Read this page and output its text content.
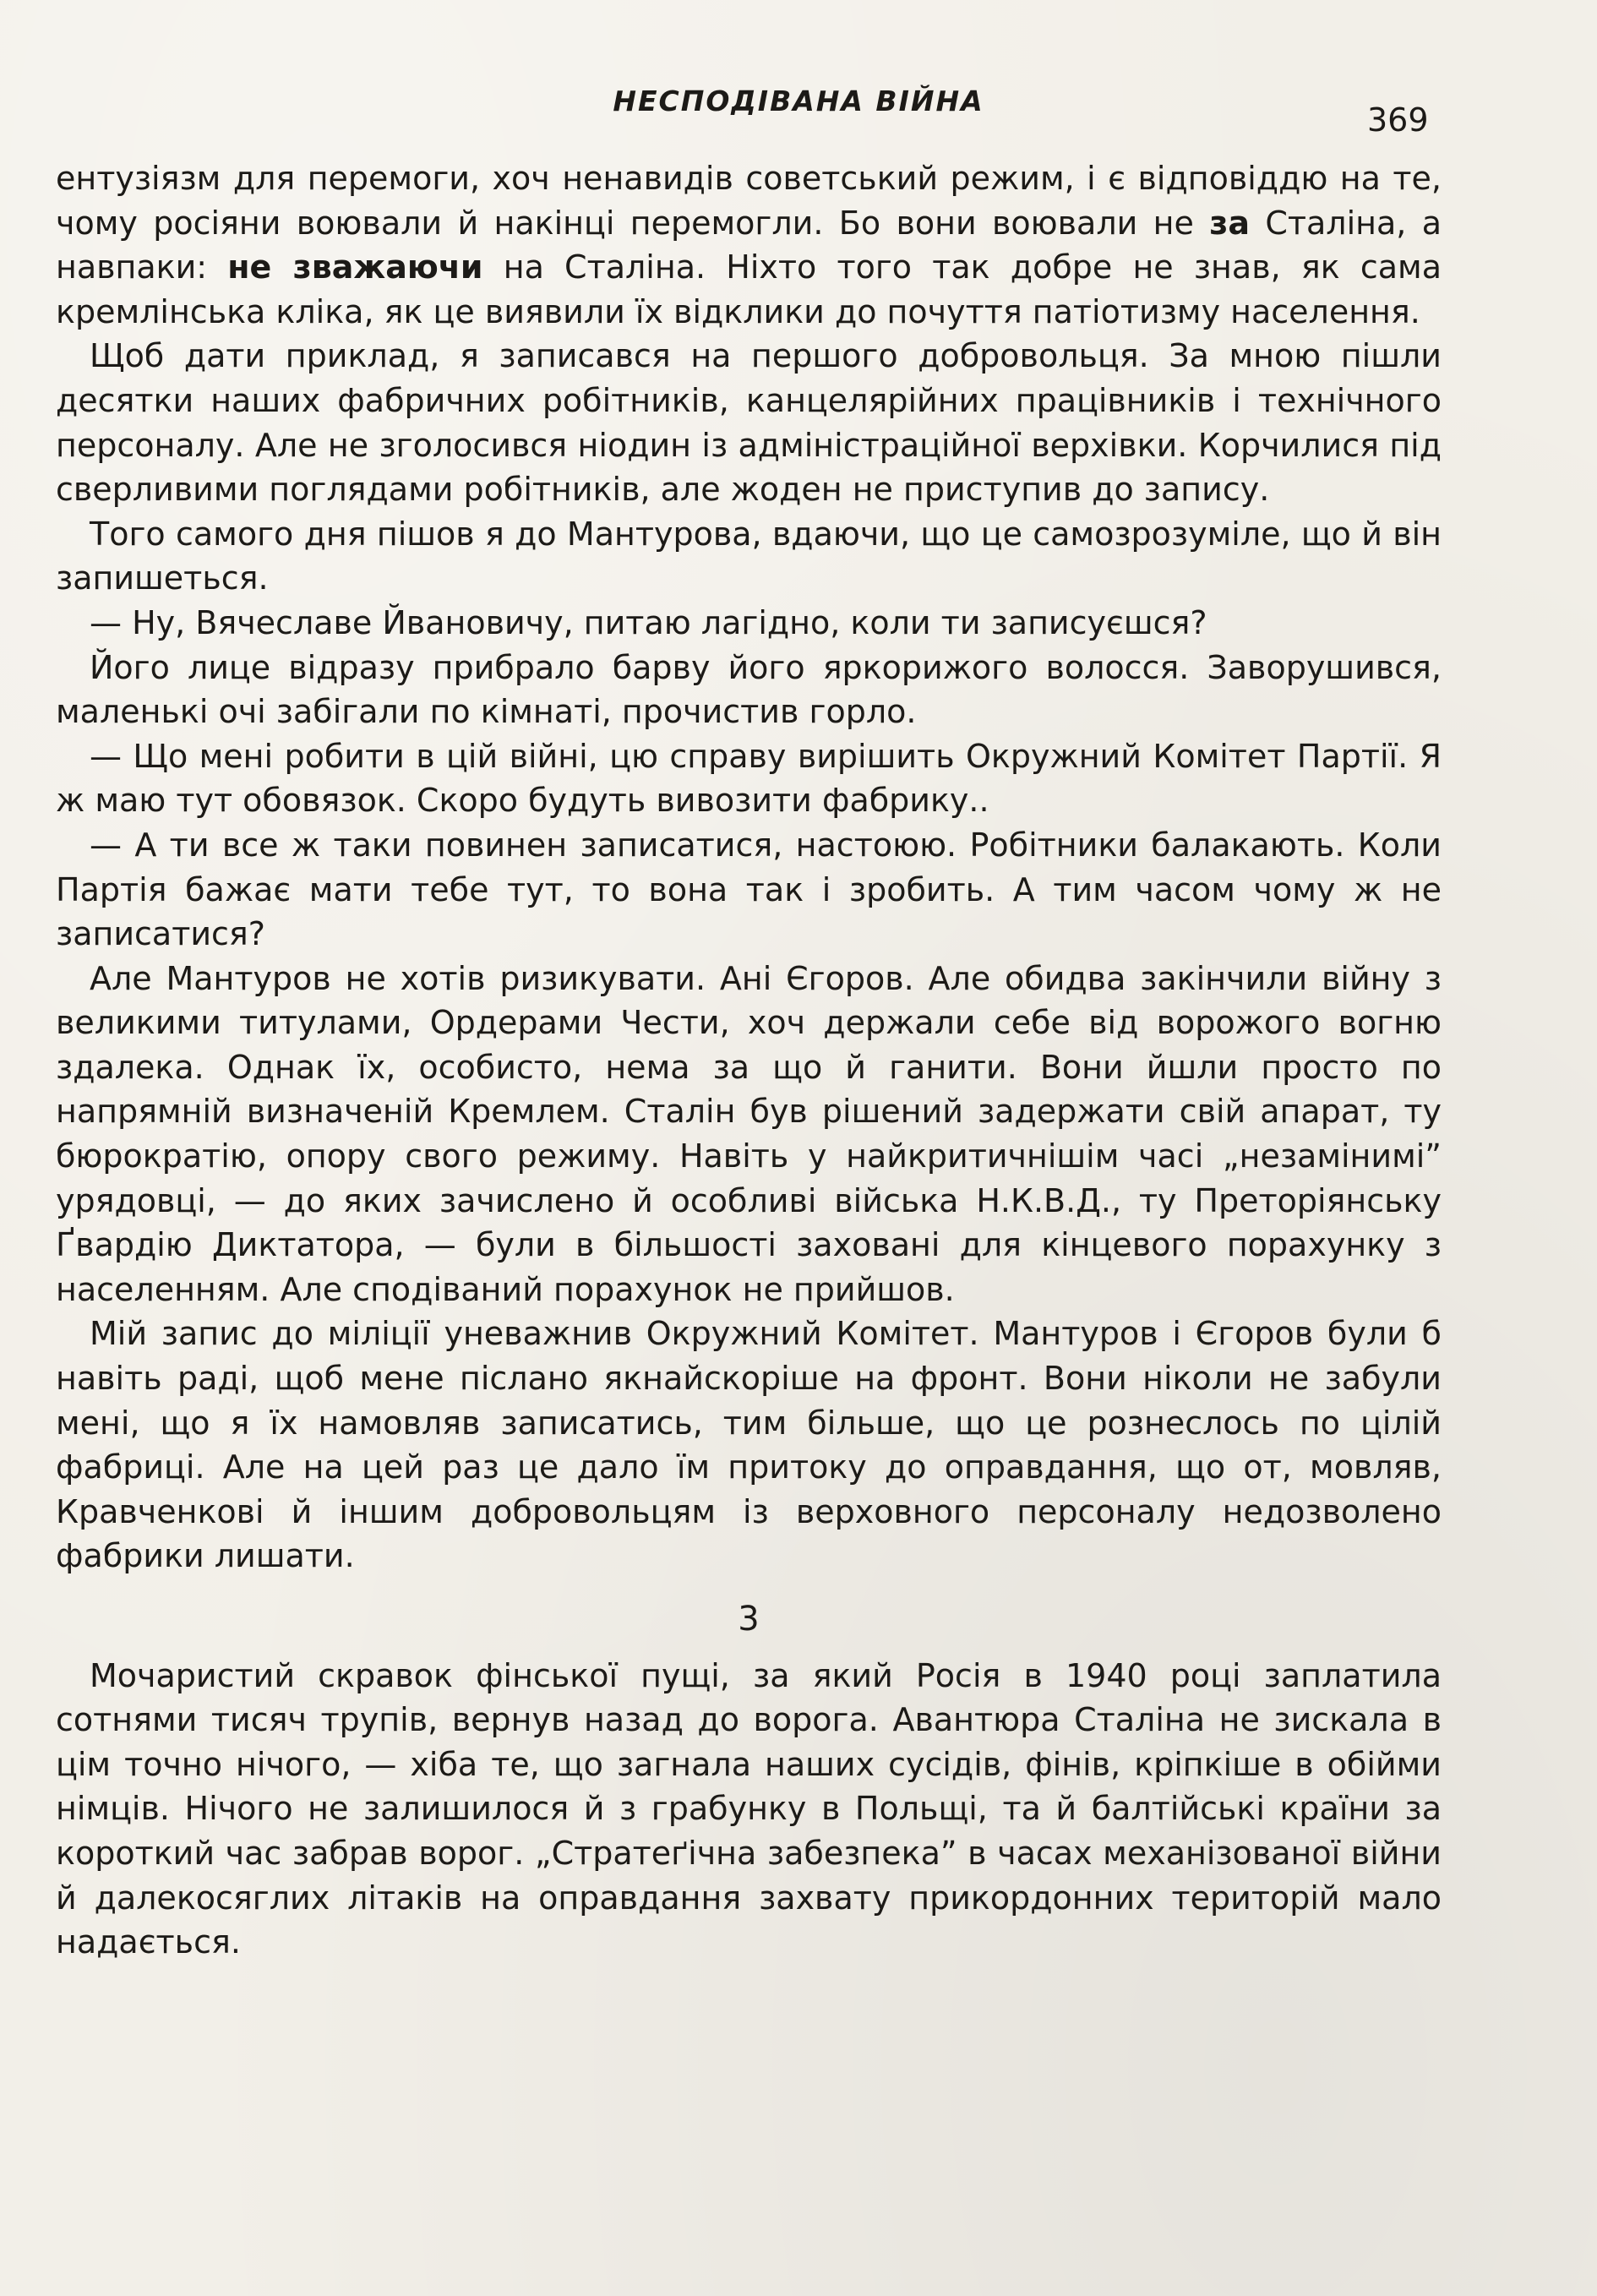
НЕСПОДІВАНА ВІЙНА
369

ентузіязм для перемоги, хоч ненавидів советський режим, і є відповіддю на те, чому росіяни воювали й накінці перемогли. Бо вони воювали не за Сталіна, а навпаки: не зважаючи на Сталіна. Ніхто того так добре не знав, як сама кремлінська кліка, як це виявили їх відклики до почуття патіотизму населення.

Щоб дати приклад, я записався на першого добровольця. За мною пішли десятки наших фабричних робітників, канцелярійних працівників і технічного персоналу. Але не зголосився ніодин із адміністраційної верхівки. Корчилися під сверливими поглядами робітників, але жоден не приступив до запису.

Того самого дня пішов я до Мантурова, вдаючи, що це самозрозуміле, що й він запишеться.

— Ну, Вячеславе Йвановичу, питаю лагідно, коли ти записуєшся?

Його лице відразу прибрало барву його яркорижого волосся. Заворушився, маленькі очі забігали по кімнаті, прочистив горло.

— Що мені робити в цій війні, цю справу вирішить Окружний Комітет Партії. Я ж маю тут обовязок. Скоро будуть вивозити фабрику..

— А ти все ж таки повинен записатися, настоюю. Робітники балакають. Коли Партія бажає мати тебе тут, то вона так і зробить. А тим часом чому ж не записатися?

Але Мантуров не хотів ризикувати. Ані Єгоров. Але обидва закінчили війну з великими титулами, Ордерами Чести, хоч держали себе від ворожого вогню здалека. Однак їх, особисто, нема за що й ганити. Вони йшли просто по напрямній визначеній Кремлем. Сталін був рішений задержати свій апарат, ту бюрократію, опору свого режиму. Навіть у найкритичнішім часі „незамінимі” урядовці, — до яких зачислено й особливі війська Н.К.В.Д., ту Преторіянську Ґвардію Диктатора, — були в більшості заховані для кінцевого порахунку з населенням. Але сподіваний порахунок не прийшов.

Мій запис до міліції уневажнив Окружний Комітет. Мантуров і Єгоров були б навіть раді, щоб мене післано якнайскоріше на фронт. Вони ніколи не забули мені, що я їх намовляв записатись, тим більше, що це рознеслось по цілій фабриці. Але на цей раз це дало їм притоку до оправдання, що от, мовляв, Кравченкові й іншим добровольцям із верховного персоналу недозволено фабрики лишати.

3

Мочаристий скравок фінської пущі, за який Росія в 1940 році заплатила сотнями тисяч трупів, вернув назад до ворога. Авантюра Сталіна не зискала в цім точно нічого, — хіба те, що загнала наших сусідів, фінів, кріпкіше в обійми німців. Нічого не залишилося й з грабунку в Польщі, та й балтійські країни за короткий час забрав ворог. „Стратеґічна забезпека” в часах механізованої війни й далекосяглих літаків на оправдання захвату прикордонних територій мало надається.
